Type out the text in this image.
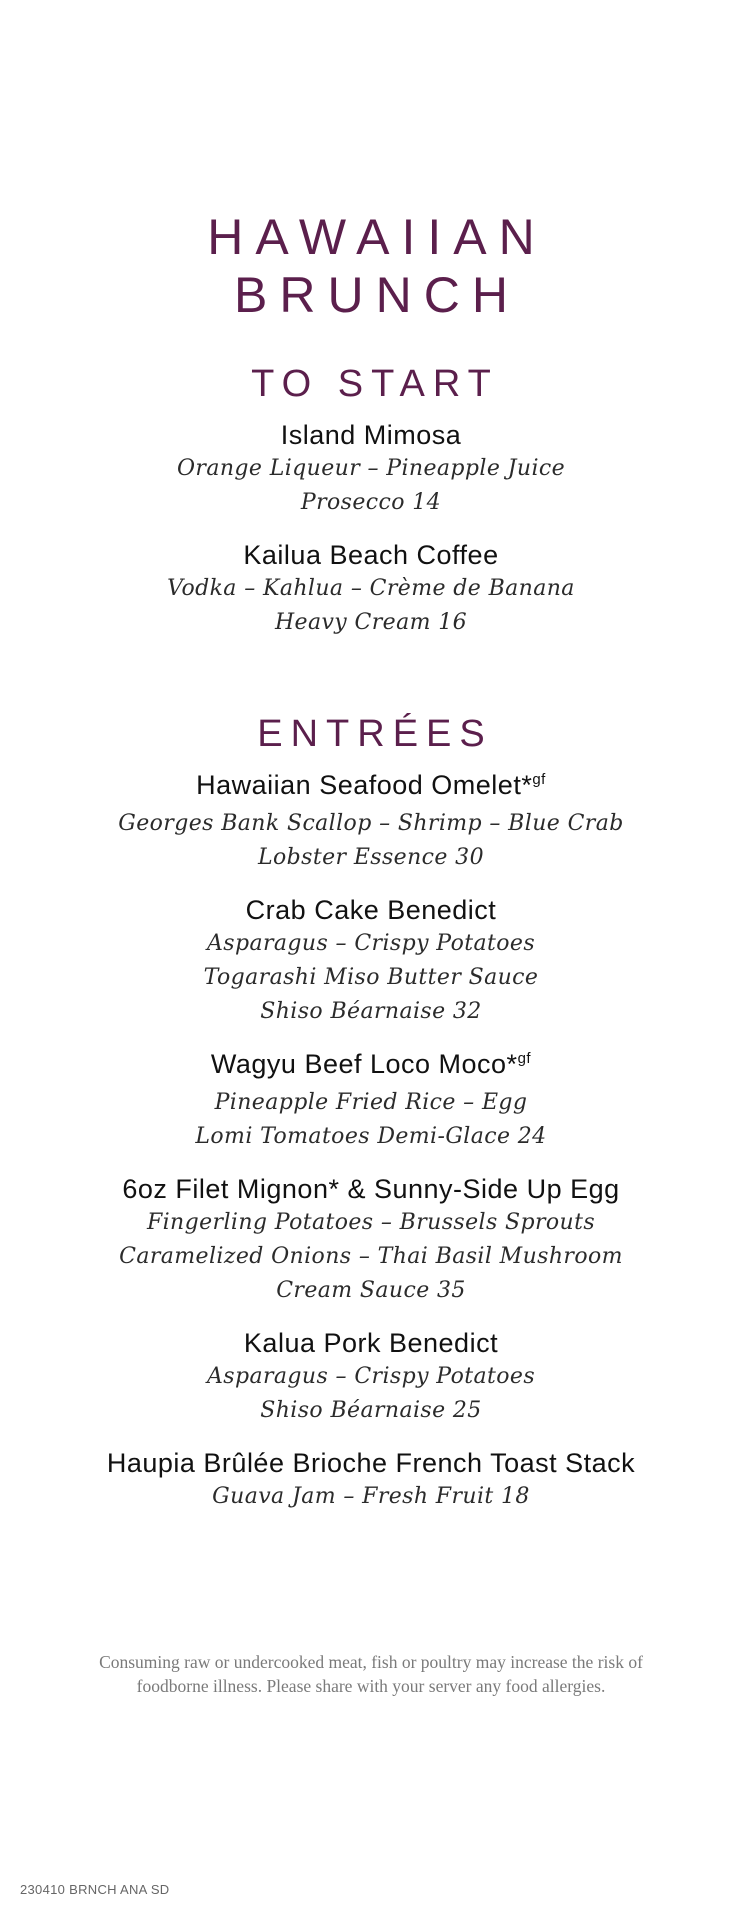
HAWAIIAN
BRUNCH
TO START
Island Mimosa
Orange Liqueur – Pineapple Juice
Prosecco 14
Kailua Beach Coffee
Vodka – Kahlua – Crème de Banana
Heavy Cream 16
ENTRÉES
Hawaiian Seafood Omelet*$^{gf}$
Georges Bank Scallop – Shrimp – Blue Crab
Lobster Essence 30
Crab Cake Benedict
Asparagus – Crispy Potatoes
Togarashi Miso Butter Sauce
Shiso Béarnaise 32
Wagyu Beef Loco Moco*$^{gf}$
Pineapple Fried Rice – Egg
Lomi Tomatoes Demi-Glace 24
6oz Filet Mignon* & Sunny-Side Up Egg
Fingerling Potatoes – Brussels Sprouts
Caramelized Onions – Thai Basil Mushroom
Cream Sauce 35
Kalua Pork Benedict
Asparagus – Crispy Potatoes
Shiso Béarnaise 25
Haupia Brûlée Brioche French Toast Stack
Guava Jam – Fresh Fruit 18
Consuming raw or undercooked meat, fish or poultry may increase the risk of foodborne illness. Please share with your server any food allergies.
230410 BRNCH ANA SD
